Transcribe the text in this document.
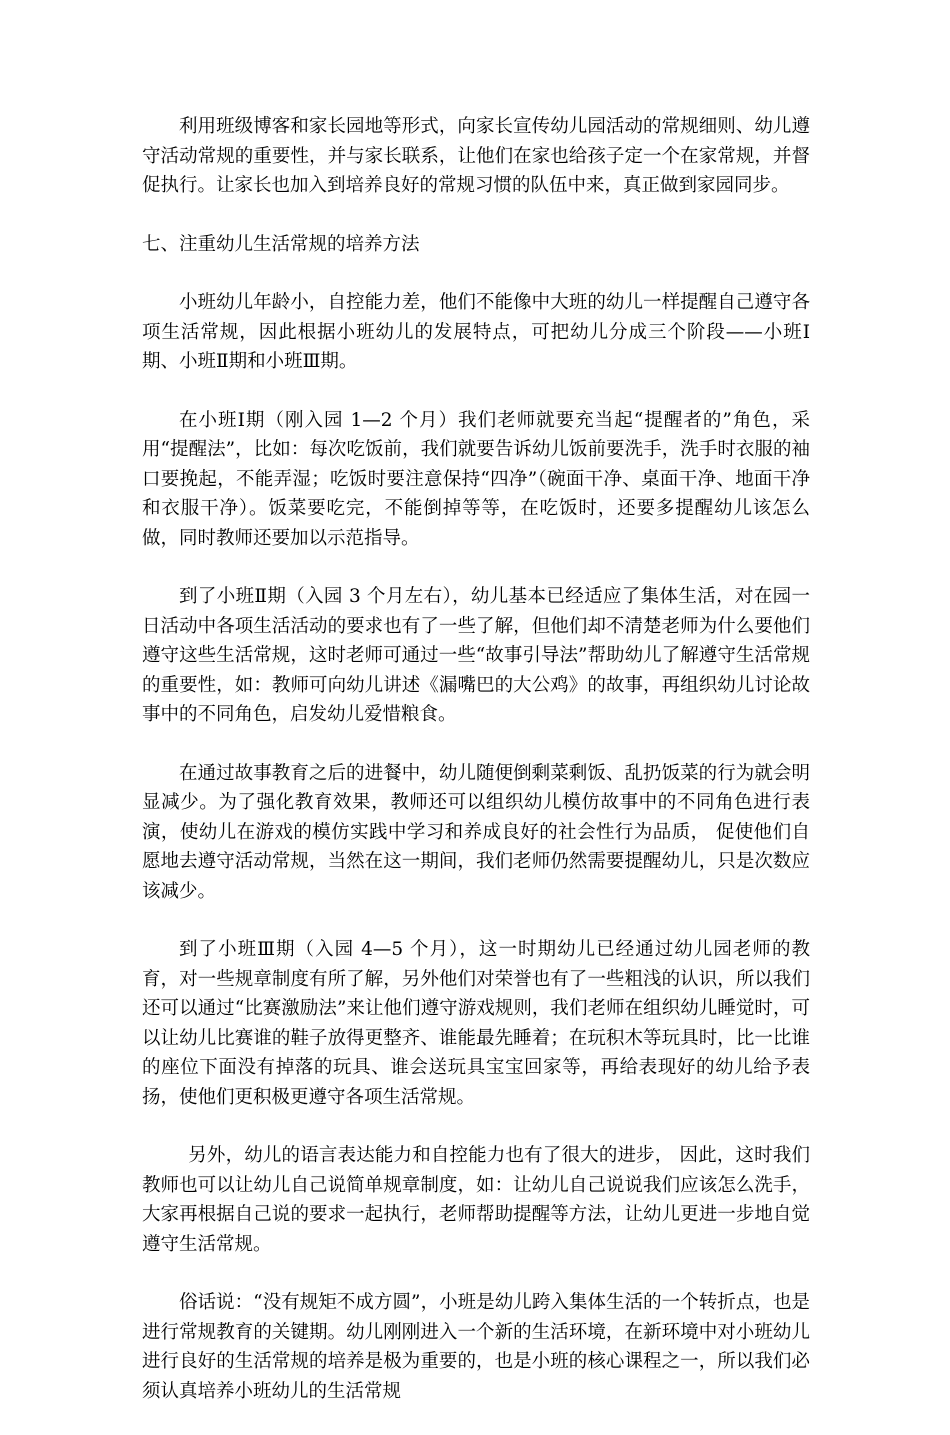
利用班级博客和家长园地等形式，向家长宣传幼儿园活动的常规细则、幼儿遵守活动常规的重要性，并与家长联系，让他们在家也给孩子定一个在家常规，并督促执行。让家长也加入到培养良好的常规习惯的队伍中来，真正做到家园同步。

七、注重幼儿生活常规的培养方法

小班幼儿年龄小，自控能力差，他们不能像中大班的幼儿一样提醒自己遵守各项生活常规，因此根据小班幼儿的发展特点，可把幼儿分成三个阶段——小班Ⅰ期、小班Ⅱ期和小班Ⅲ期。

在小班Ⅰ期（刚入园 1—2 个月）我们老师就要充当起“提醒者的”角色，采用“提醒法”，比如：每次吃饭前，我们就要告诉幼儿饭前要洗手，洗手时衣服的袖口要挽起，不能弄湿；吃饭时要注意保持“四净”（碗面干净、桌面干净、地面干净和衣服干净）。饭菜要吃完，不能倒掉等等，在吃饭时，还要多提醒幼儿该怎么做，同时教师还要加以示范指导。

到了小班Ⅱ期（入园 3 个月左右），幼儿基本已经适应了集体生活，对在园一日活动中各项生活活动的要求也有了一些了解，但他们却不清楚老师为什么要他们遵守这些生活常规，这时老师可通过一些“故事引导法”帮助幼儿了解遵守生活常规的重要性，如：教师可向幼儿讲述《漏嘴巴的大公鸡》的故事，再组织幼儿讨论故事中的不同角色，启发幼儿爱惜粮食。

在通过故事教育之后的进餐中，幼儿随便倒剩菜剩饭、乱扔饭菜的行为就会明显减少。为了强化教育效果，教师还可以组织幼儿模仿故事中的不同角色进行表演，使幼儿在游戏的模仿实践中学习和养成良好的社会性行为品质， 促使他们自愿地去遵守活动常规，当然在这一期间，我们老师仍然需要提醒幼儿，只是次数应该减少。

到了小班Ⅲ期（入园 4—5 个月），这一时期幼儿已经通过幼儿园老师的教育，对一些规章制度有所了解，另外他们对荣誉也有了一些粗浅的认识，所以我们还可以通过“比赛激励法”来让他们遵守游戏规则，我们老师在组织幼儿睡觉时，可以让幼儿比赛谁的鞋子放得更整齐、谁能最先睡着；在玩积木等玩具时，比一比谁的座位下面没有掉落的玩具、谁会送玩具宝宝回家等，再给表现好的幼儿给予表扬，使他们更积极更遵守各项生活常规。

另外，幼儿的语言表达能力和自控能力也有了很大的进步， 因此，这时我们教师也可以让幼儿自己说简单规章制度，如：让幼儿自己说说我们应该怎么洗手，大家再根据自己说的要求一起执行，老师帮助提醒等方法，让幼儿更进一步地自觉遵守生活常规。

俗话说：“没有规矩不成方圆”，小班是幼儿跨入集体生活的一个转折点，也是进行常规教育的关键期。幼儿刚刚进入一个新的生活环境，在新环境中对小班幼儿进行良好的生活常规的培养是极为重要的，也是小班的核心课程之一，所以我们必须认真培养小班幼儿的生活常规
